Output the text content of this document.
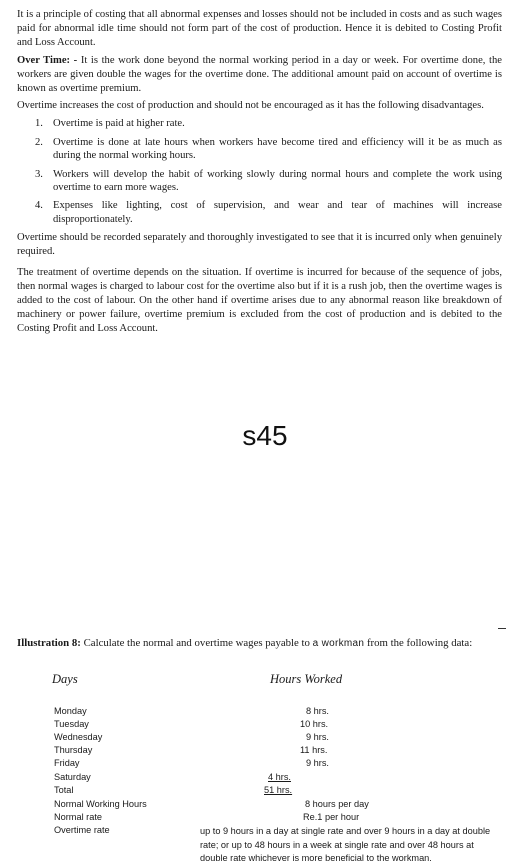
It is a principle of costing that all abnormal expenses and losses should not be included in costs and as such wages paid for abnormal idle time should not form part of the cost of production. Hence it is debited to Costing Profit and Loss Account.

Over Time: - It is the work done beyond the normal working period in a day or week. For overtime done, the workers are given double the wages for the overtime done. The additional amount paid on account of overtime is known as overtime premium.

Overtime increases the cost of production and should not be encouraged as it has the following disadvantages.

1. Overtime is paid at higher rate.
2. Overtime is done at late hours when workers have become tired and efficiency will it be as much as during the normal working hours.
3. Workers will develop the habit of working slowly during normal hours and complete the work using overtime to earn more wages.
4. Expenses like lighting, cost of supervision, and wear and tear of machines will increase disproportionately.

Overtime should be recorded separately and thoroughly investigated to see that it is incurred only when genuinely required.

The treatment of overtime depends on the situation. If overtime is incurred for because of the sequence of jobs, then normal wages is charged to labour cost for the overtime also but if it is a rush job, then the overtime wages is added to the cost of labour. On the other hand if overtime arises due to any abnormal reason like breakdown of machinery or power failure, overtime premium is excluded from the cost of production and is debited to the Costing Profit and Loss Account.

s45
Illustration 8: Calculate the normal and overtime wages payable to a workman from the following data:
Days	Hours Worked
Monday	8 hrs.
Tuesday	10 hrs.
Wednesday	9 hrs.
Thursday	11 hrs.
Friday	9 hrs.
Saturday	4 hrs.
Total	51 hrs.
Normal Working Hours	8 hours per day
Normal rate	Re.1 per hour
Overtime rate	up to 9 hours in a day at single rate and over 9 hours in a day at double rate; or up to 48 hours in a week at single rate and over 48 hours at double rate whichever is more beneficial to the workman.
